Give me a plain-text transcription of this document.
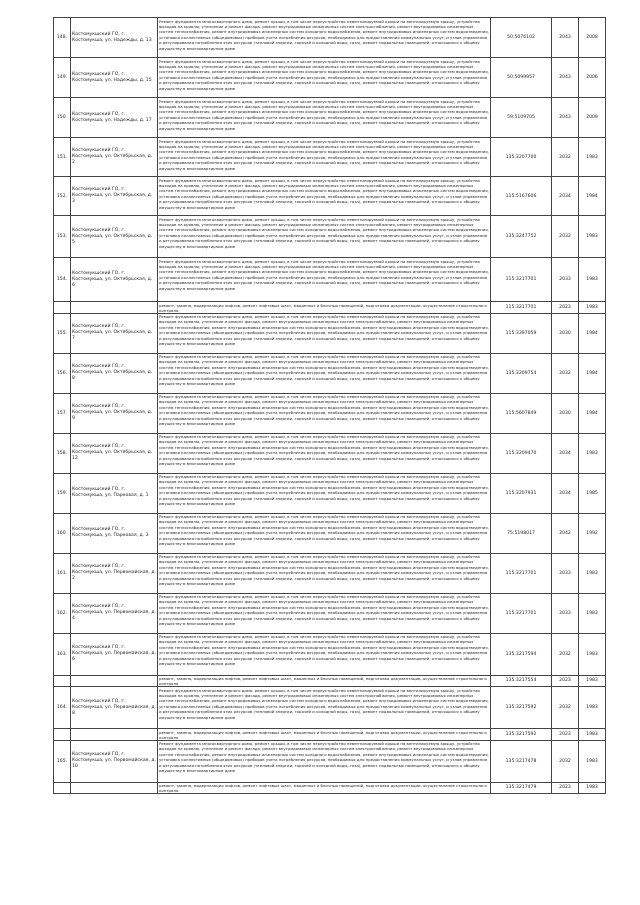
148.	Костомукшский ГО, г. Костомукша, ул. Надежды, д. 13	Ремонт фундамента многоквартирного дома, ремонт крыши, в том числе переустройство невентилируемой крыши на вентилируемую крышу, устройство выходов на кровлю, утепление и ремонт фасада, ремонт внутридомовых инженерных систем электроснабжения, ремонт внутридомовых инженерных систем теплоснабжения, ремонт внутридомовых инженерных систем холодного водоснабжения, ремонт внутридомовых инженерных систем водоотведения, установка коллективных (общедомовых) приборов учета потребления ресурсов, необходимых для предоставления коммунальных услуг, и узлов управления и регулирования потребления этих ресурсов (тепловой энергии, горячей и холодной воды, газа), ремонт подвальных помещений, относящихся к общему имуществу в многоквартирном доме	50:5076102	2043	2008
149.	Костомукшский ГО, г. Костомукша, ул. Надежды, д. 15	Ремонт фундамента многоквартирного дома, ремонт крыши, в том числе переустройство невентилируемой крыши на вентилируемую крышу, устройство выходов на кровлю, утепление и ремонт фасада, ремонт внутридомовых инженерных систем электроснабжения, ремонт внутридомовых инженерных систем теплоснабжения, ремонт внутридомовых инженерных систем холодного водоснабжения, ремонт внутридомовых инженерных систем водоотведения, установка коллективных (общедомовых) приборов учета потребления ресурсов, необходимых для предоставления коммунальных услуг, и узлов управления и регулирования потребления этих ресурсов (тепловой энергии, горячей и холодной воды, газа), ремонт подвальных помещений, относящихся к общему имуществу в многоквартирном доме	50:5099957	2043	2006
150.	Костомукшский ГО, г. Костомукша, ул. Надежды, д. 17	Ремонт фундамента многоквартирного дома, ремонт крыши, в том числе переустройство невентилируемой крыши на вентилируемую крышу, устройство выходов на кровлю, утепление и ремонт фасада, ремонт внутридомовых инженерных систем электроснабжения, ремонт внутридомовых инженерных систем теплоснабжения, ремонт внутридомовых инженерных систем холодного водоснабжения, ремонт внутридомовых инженерных систем водоотведения, установка коллективных (общедомовых) приборов учета потребления ресурсов, необходимых для предоставления коммунальных услуг, и узлов управления и регулирования потребления этих ресурсов (тепловой энергии, горячей и холодной воды, газа), ремонт подвальных помещений, относящихся к общему имуществу в многоквартирном доме	59:5109705	2043	2009
151.	Костомукшский ГО, г. Костомукша, ул. Октябрьская, д. 2	Ремонт фундамента многоквартирного дома, ремонт крыши, в том числе переустройство невентилируемой крыши на вентилируемую крышу, устройство выходов на кровлю, утепление и ремонт фасада, ремонт внутридомовых инженерных систем электроснабжения, ремонт внутридомовых инженерных систем теплоснабжения, ремонт внутридомовых инженерных систем холодного водоснабжения, ремонт внутридомовых инженерных систем водоотведения, установка коллективных (общедомовых) приборов учета потребления ресурсов, необходимых для предоставления коммунальных услуг, и узлов управления и регулирования потребления этих ресурсов (тепловой энергии, горячей и холодной воды, газа), ремонт подвальных помещений, относящихся к общему имуществу в многоквартирном доме	135:3207700	2032	1983
152.	Костомукшский ГО, г. Костомукша, ул. Октябрьская, д. 3	Ремонт фундамента многоквартирного дома, ремонт крыши, в том числе переустройство невентилируемой крыши на вентилируемую крышу, устройство выходов на кровлю, утепление и ремонт фасада, ремонт внутридомовых инженерных систем электроснабжения, ремонт внутридомовых инженерных систем теплоснабжения, ремонт внутридомовых инженерных систем холодного водоснабжения, ремонт внутридомовых инженерных систем водоотведения, установка коллективных (общедомовых) приборов учета потребления ресурсов, необходимых для предоставления коммунальных услуг, и узлов управления и регулирования потребления этих ресурсов (тепловой энергии, горячей и холодной воды, газа), ремонт подвальных помещений, относящихся к общему имуществу в многоквартирном доме	115:5167606	2034	1984
153.	Костомукшский ГО, г. Костомукша, ул. Октябрьская, д. 5	Ремонт фундамента многоквартирного дома, ремонт крыши, в том числе переустройство невентилируемой крыши на вентилируемую крышу, устройство выходов на кровлю, утепление и ремонт фасада, ремонт внутридомовых инженерных систем электроснабжения, ремонт внутридомовых инженерных систем теплоснабжения, ремонт внутридомовых инженерных систем холодного водоснабжения, ремонт внутридомовых инженерных систем водоотведения, установка коллективных (общедомовых) приборов учета потребления ресурсов, необходимых для предоставления коммунальных услуг, и узлов управления и регулирования потребления этих ресурсов (тепловой энергии, горячей и холодной воды, газа), ремонт подвальных помещений, относящихся к общему имуществу в многоквартирном доме	135:3247752	2032	1983
154.	Костомукшский ГО, г. Костомукша, ул. Октябрьская, д. 6	Ремонт фундамента многоквартирного дома, ремонт крыши, в том числе переустройство невентилируемой крыши на вентилируемую крышу, устройство выходов на кровлю, утепление и ремонт фасада, ремонт внутридомовых инженерных систем электроснабжения, ремонт внутридомовых инженерных систем теплоснабжения, ремонт внутридомовых инженерных систем холодного водоснабжения, ремонт внутридомовых инженерных систем водоотведения, установка коллективных (общедомовых) приборов учета потребления ресурсов, необходимых для предоставления коммунальных услуг, и узлов управления и регулирования потребления этих ресурсов (тепловой энергии, горячей и холодной воды, газа), ремонт подвальных помещений, относящихся к общему имуществу в многоквартирном доме	115:3217701	2033	1983

		ремонт, замена, модернизация лифтов, ремонт лифтовых шахт, машинных и блочных помещений, подготовка документации, осуществление строительного контроля	115:3217701	2023	1983
155.	Костомукшский ГО, г. Костомукша, ул. Октябрьская, д. 7	Ремонт фундамента многоквартирного дома, ремонт крыши, в том числе переустройство невентилируемой крыши на вентилируемую крышу, устройство выходов на кровлю, утепление и ремонт фасада, ремонт внутридомовых инженерных систем электроснабжения, ремонт внутридомовых инженерных систем теплоснабжения, ремонт внутридомовых инженерных систем холодного водоснабжения, ремонт внутридомовых инженерных систем водоотведения, установка коллективных (общедомовых) приборов учета потребления ресурсов, необходимых для предоставления коммунальных услуг, и узлов управления и регулирования потребления этих ресурсов (тепловой энергии, горячей и холодной воды, газа), ремонт подвальных помещений, относящихся к общему имуществу в многоквартирном доме	115:3397059	2030	1984
156.	Костомукшский ГО, г. Костомукша, ул. Октябрьская, д. 8	Ремонт фундамента многоквартирного дома, ремонт крыши, в том числе переустройство невентилируемой крыши на вентилируемую крышу, устройство выходов на кровлю, утепление и ремонт фасада, ремонт внутридомовых инженерных систем электроснабжения, ремонт внутридомовых инженерных систем теплоснабжения, ремонт внутридомовых инженерных систем холодного водоснабжения, ремонт внутридомовых инженерных систем водоотведения, установка коллективных (общедомовых) приборов учета потребления ресурсов, необходимых для предоставления коммунальных услуг, и узлов управления и регулирования потребления этих ресурсов (тепловой энергии, горячей и холодной воды, газа), ремонт подвальных помещений, относящихся к общему имуществу в многоквартирном доме	135:3209754	2032	1984
157.	Костомукшский ГО, г. Костомукша, ул. Октябрьская, д. 9	Ремонт фундамента многоквартирного дома, ремонт крыши, в том числе переустройство невентилируемой крыши на вентилируемую крышу, устройство выходов на кровлю, утепление и ремонт фасада, ремонт внутридомовых инженерных систем электроснабжения, ремонт внутридомовых инженерных систем теплоснабжения, ремонт внутридомовых инженерных систем холодного водоснабжения, ремонт внутридомовых инженерных систем водоотведения, установка коллективных (общедомовых) приборов учета потребления ресурсов, необходимых для предоставления коммунальных услуг, и узлов управления и регулирования потребления этих ресурсов (тепловой энергии, горячей и холодной воды, газа), ремонт подвальных помещений, относящихся к общему имуществу в многоквартирном доме	115:5607849	2030	1984
158.	Костомукшский ГО, г. Костомукша, ул. Октябрьская, д. 12	Ремонт фундамента многоквартирного дома, ремонт крыши, в том числе переустройство невентилируемой крыши на вентилируемую крышу, устройство выходов на кровлю, утепление и ремонт фасада, ремонт внутридомовых инженерных систем электроснабжения, ремонт внутридомовых инженерных систем теплоснабжения, ремонт внутридомовых инженерных систем холодного водоснабжения, ремонт внутридомовых инженерных систем водоотведения, установка коллективных (общедомовых) приборов учета потребления ресурсов, необходимых для предоставления коммунальных услуг, и узлов управления и регулирования потребления этих ресурсов (тепловой энергии, горячей и холодной воды, газа), ремонт подвальных помещений, относящихся к общему имуществу в многоквартирном доме	115:3209470	2034	1983
159.	Костомукшский ГО, г. Костомукша, ул. Парковая, д. 1	Ремонт фундамента многоквартирного дома, ремонт крыши, в том числе переустройство невентилируемой крыши на вентилируемую крышу, устройство выходов на кровлю, утепление и ремонт фасада, ремонт внутридомовых инженерных систем электроснабжения, ремонт внутридомовых инженерных систем теплоснабжения, ремонт внутридомовых инженерных систем холодного водоснабжения, ремонт внутридомовых инженерных систем водоотведения, установка коллективных (общедомовых) приборов учета потребления ресурсов, необходимых для предоставления коммунальных услуг, и узлов управления и регулирования потребления этих ресурсов (тепловой энергии, горячей и холодной воды, газа), ремонт подвальных помещений, относящихся к общему имуществу в многоквартирном доме	115:3207931	2034	1985
160.	Костомукшский ГО, г. Костомукша, ул. Парковая, д. 3	Ремонт фундамента многоквартирного дома, ремонт крыши, в том числе переустройство невентилируемой крыши на вентилируемую крышу, устройство выходов на кровлю, утепление и ремонт фасада, ремонт внутридомовых инженерных систем электроснабжения, ремонт внутридомовых инженерных систем теплоснабжения, ремонт внутридомовых инженерных систем холодного водоснабжения, ремонт внутридомовых инженерных систем водоотведения, установка коллективных (общедомовых) приборов учета потребления ресурсов, необходимых для предоставления коммунальных услуг, и узлов управления и регулирования потребления этих ресурсов (тепловой энергии, горячей и холодной воды, газа), ремонт подвальных помещений, относящихся к общему имуществу в многоквартирном доме	75:5198017	2042	1992
161.	Костомукшский ГО, г. Костомукша, ул. Первомайская, д. 2	Ремонт фундамента многоквартирного дома, ремонт крыши, в том числе переустройство невентилируемой крыши на вентилируемую крышу, устройство выходов на кровлю, утепление и ремонт фасада, ремонт внутридомовых инженерных систем электроснабжения, ремонт внутридомовых инженерных систем теплоснабжения, ремонт внутридомовых инженерных систем холодного водоснабжения, ремонт внутридомовых инженерных систем водоотведения, установка коллективных (общедомовых) приборов учета потребления ресурсов, необходимых для предоставления коммунальных услуг, и узлов управления и регулирования потребления этих ресурсов (тепловой энергии, горячей и холодной воды, газа), ремонт подвальных помещений, относящихся к общему имуществу в многоквартирном доме	115:3217701	2033	1983
162.	Костомукшский ГО, г. Костомукша, ул. Первомайская, д. 4	Ремонт фундамента многоквартирного дома, ремонт крыши, в том числе переустройство невентилируемой крыши на вентилируемую крышу, устройство выходов на кровлю, утепление и ремонт фасада, ремонт внутридомовых инженерных систем электроснабжения, ремонт внутридомовых инженерных систем теплоснабжения, ремонт внутридомовых инженерных систем холодного водоснабжения, ремонт внутридомовых инженерных систем водоотведения, установка коллективных (общедомовых) приборов учета потребления ресурсов, необходимых для предоставления коммунальных услуг, и узлов управления и регулирования потребления этих ресурсов (тепловой энергии, горячей и холодной воды, газа), ремонт подвальных помещений, относящихся к общему имуществу в многоквартирном доме	115:3217701	2033	1983
163.	Костомукшский ГО, г. Костомукша, ул. Первомайская, д. 6	Ремонт фундамента многоквартирного дома, ремонт крыши, в том числе переустройство невентилируемой крыши на вентилируемую крышу, устройство выходов на кровлю, утепление и ремонт фасада, ремонт внутридомовых инженерных систем электроснабжения, ремонт внутридомовых инженерных систем теплоснабжения, ремонт внутридомовых инженерных систем холодного водоснабжения, ремонт внутридомовых инженерных систем водоотведения, установка коллективных (общедомовых) приборов учета потребления ресурсов, необходимых для предоставления коммунальных услуг, и узлов управления и регулирования потребления этих ресурсов (тепловой энергии, горячей и холодной воды, газа), ремонт подвальных помещений, относящихся к общему имуществу в многоквартирном доме	135:3217594	2032	1983

		ремонт, замена, модернизация лифтов, ремонт лифтовых шахт, машинных и блочных помещений, подготовка документации, осуществление строительного контроля	135:3217554	2023	1983
164.	Костомукшский ГО, г. Костомукша, ул. Первомайская, д. 8	Ремонт фундамента многоквартирного дома, ремонт крыши, в том числе переустройство невентилируемой крыши на вентилируемую крышу, устройство выходов на кровлю, утепление и ремонт фасада, ремонт внутридомовых инженерных систем электроснабжения, ремонт внутридомовых инженерных систем теплоснабжения, ремонт внутридомовых инженерных систем холодного водоснабжения, ремонт внутридомовых инженерных систем водоотведения, установка коллективных (общедомовых) приборов учета потребления ресурсов, необходимых для предоставления коммунальных услуг, и узлов управления и регулирования потребления этих ресурсов (тепловой энергии, горячей и холодной воды, газа), ремонт подвальных помещений, относящихся к общему имуществу в многоквартирном доме	135:3217592	2032	1983

		ремонт, замена, модернизация лифтов, ремонт лифтовых шахт, машинных и блочных помещений, подготовка документации, осуществление строительного контроля	135:3217592	2023	1983
165.	Костомукшский ГО, г. Костомукша, ул. Первомайская, д. 10	Ремонт фундамента многоквартирного дома, ремонт крыши, в том числе переустройство невентилируемой крыши на вентилируемую крышу, устройство выходов на кровлю, утепление и ремонт фасада, ремонт внутридомовых инженерных систем электроснабжения, ремонт внутридомовых инженерных систем теплоснабжения, ремонт внутридомовых инженерных систем холодного водоснабжения, ремонт внутридомовых инженерных систем водоотведения, установка коллективных (общедомовых) приборов учета потребления ресурсов, необходимых для предоставления коммунальных услуг, и узлов управления и регулирования потребления этих ресурсов (тепловой энергии, горячей и холодной воды, газа), ремонт подвальных помещений, относящихся к общему имуществу в многоквартирном доме	135:3217478	2032	1983

		ремонт, замена, модернизация лифтов, ремонт лифтовых шахт, машинных и блочных помещений, подготовка документации, осуществление строительного контроля	135:3217479	2023	1983
